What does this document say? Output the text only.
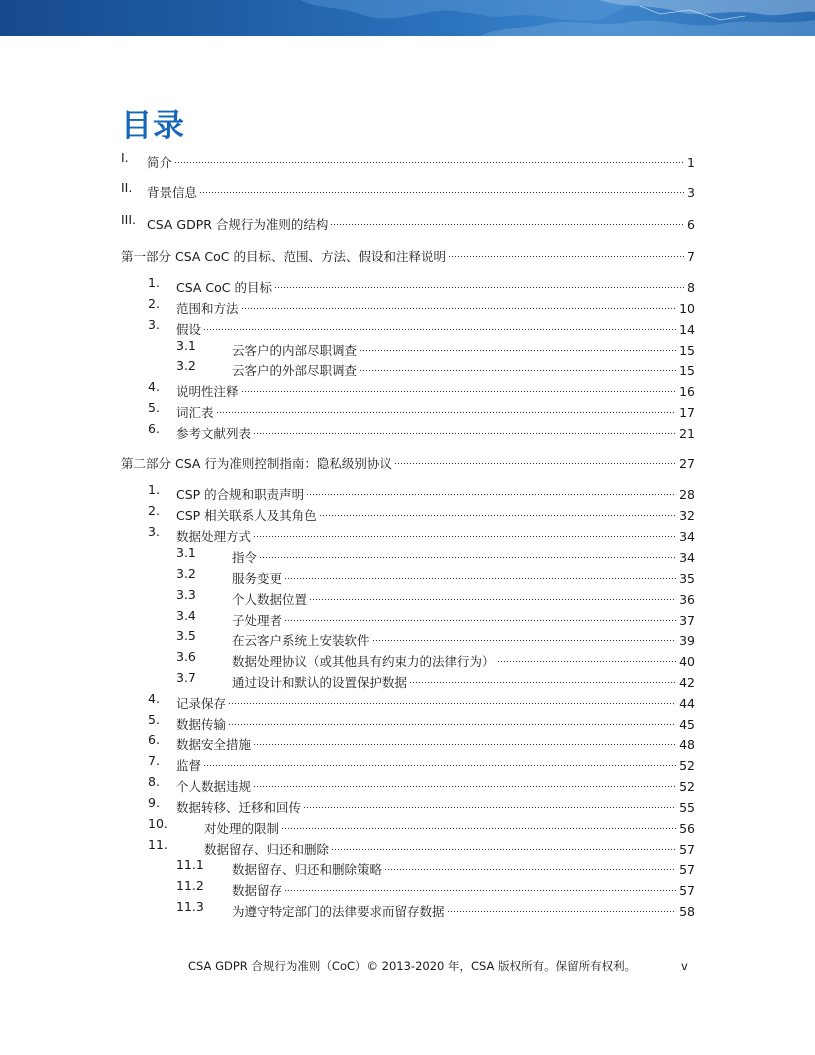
目录
I. 简介	1
II. 背景信息	3
III. CSA GDPR 合规行为准则的结构	6
第一部分 CSA CoC 的目标、范围、方法、假设和注释说明	7
1. CSA CoC 的目标	8
2. 范围和方法	10
3. 假设	14
3.1	云客户的内部尽职调查	15
3.2	云客户的外部尽职调查	15
4. 说明性注释	16
5. 词汇表	17
6. 参考文献列表	21
第二部分 CSA 行为准则控制指南：隐私级别协议	27
1. CSP 的合规和职责声明	28
2. CSP 相关联系人及其角色	32
3. 数据处理方式	34
3.1	指令	34
3.2	服务变更	35
3.3	个人数据位置	36
3.4	子处理者	37
3.5	在云客户系统上安装软件	39
3.6	数据处理协议（或其他具有约束力的法律行为）	40
3.7	通过设计和默认的设置保护数据	42
4. 记录保存	44
5. 数据传输	45
6. 数据安全措施	48
7. 监督	52
8. 个人数据违规	52
9. 数据转移、迁移和回传	55
10.	对处理的限制	56
11.	数据留存、归还和删除	57
11.1 数据留存、归还和删除策略	57
11.2 数据留存	57
11.3 为遵守特定部门的法律要求而留存数据	58
CSA GDPR 合规行为准则（CoC）© 2013-2020 年，CSA 版权所有。保留所有权利。	v
